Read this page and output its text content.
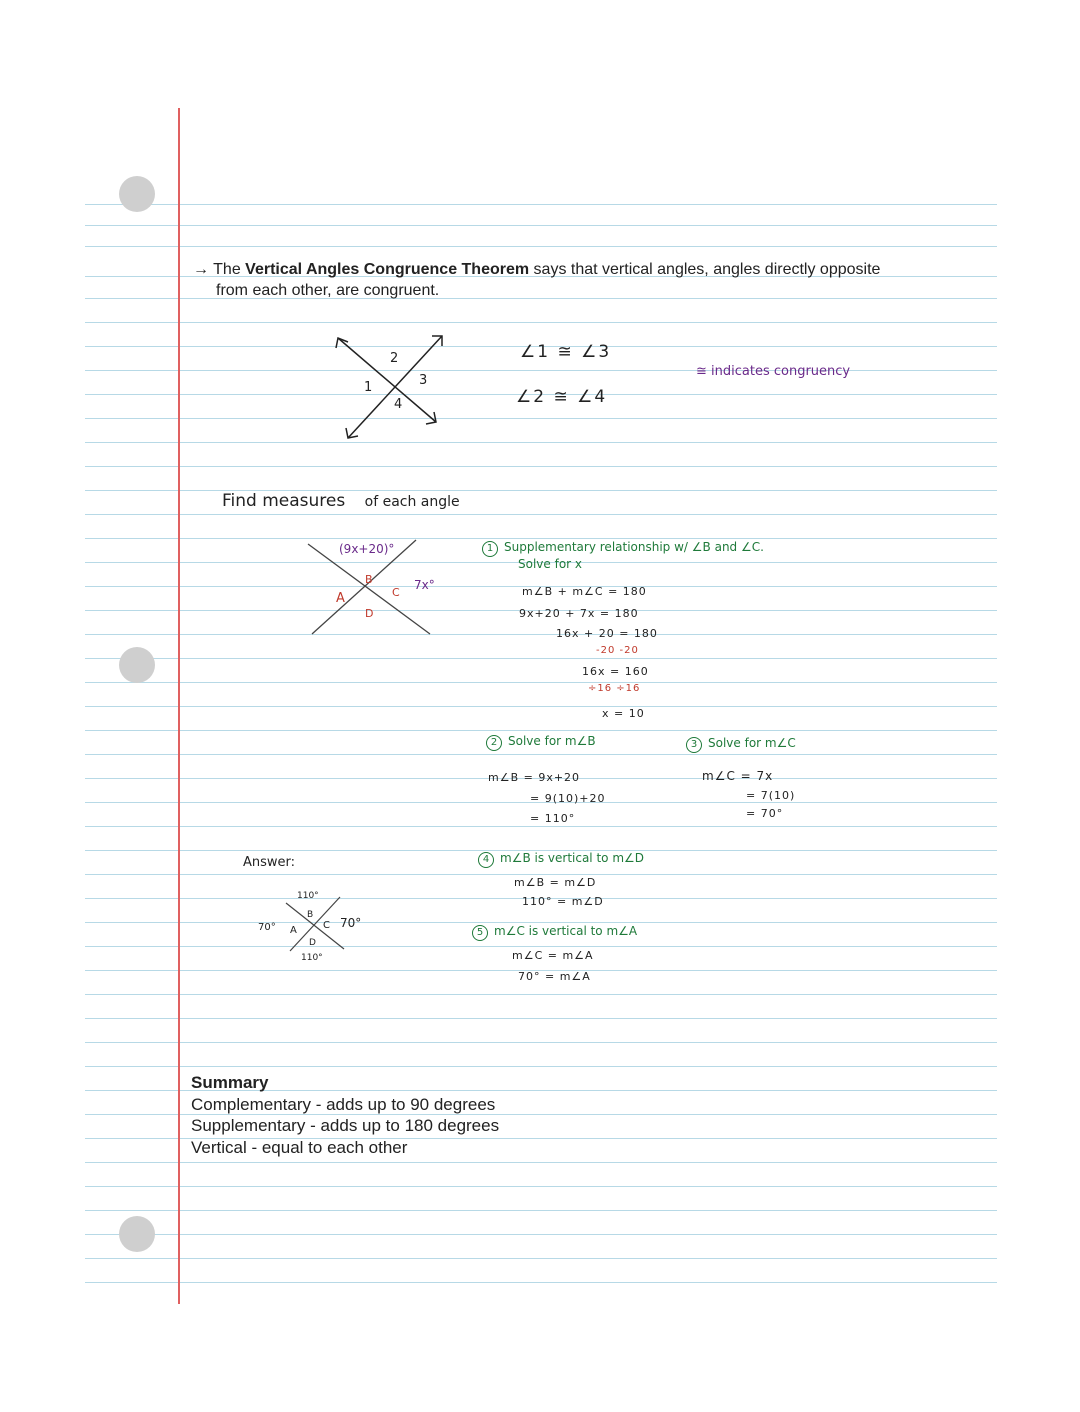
→ The Vertical Angles Congruence Theorem says that vertical angles, angles directly opposite
from each other, are congruent.
2
1	3
4
∠1 ≅ ∠3
∠2 ≅ ∠4
≅ indicates congruency
Find measures of each angle
(9x+20)°
7x°
A
B
C
D
1 Supplementary relationship w/ ∠B and ∠C.
Solve for x
m∠B + m∠C = 180
9x+20 + 7x = 180
16x + 20 = 180
-20 -20
16x = 160
÷16 ÷16
x = 10
2 Solve for m∠B
m∠B = 9x+20
= 9(10)+20
= 110°
3 Solve for m∠C
m∠C = 7x
= 7(10)
= 70°
Answer:
110°
70°	70°
110°
A
B
C
D
4 m∠B is vertical to m∠D
m∠B = m∠D
110° = m∠D
5 m∠C is vertical to m∠A
m∠C = m∠A
70° = m∠A
Summary
Complementary - adds up to 90 degrees
Supplementary - adds up to 180 degrees
Vertical - equal to each other
